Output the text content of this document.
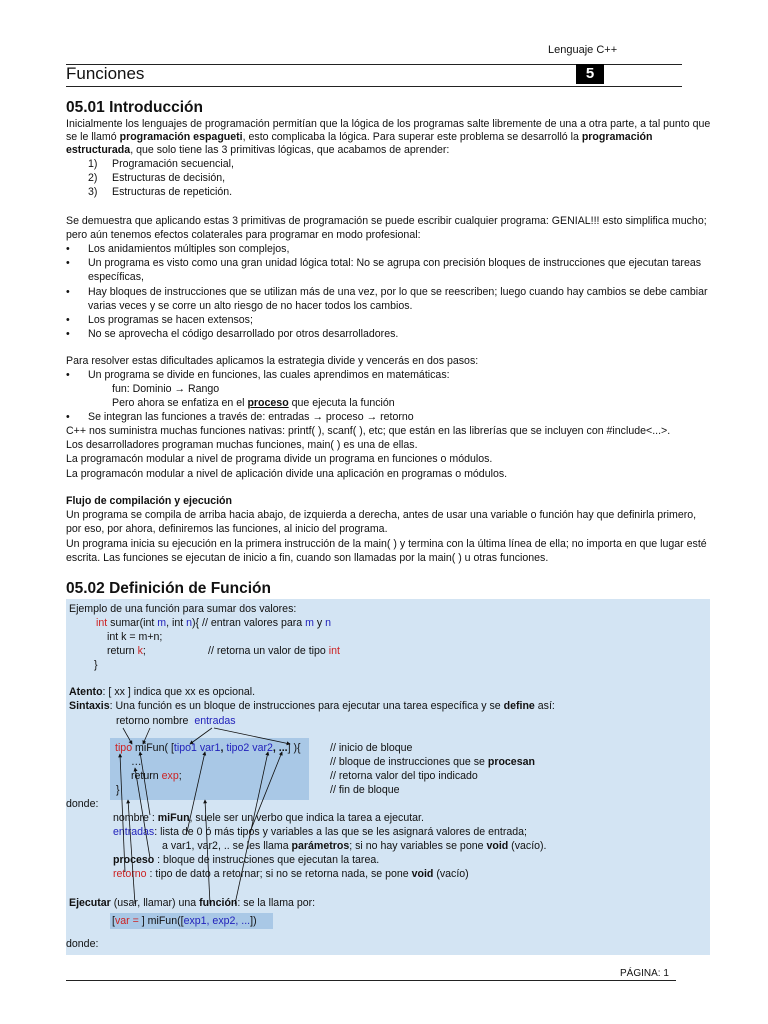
Lenguaje C++
Funciones	5
05.01 Introducción
Inicialmente los lenguajes de programación permitían que la lógica de los programas salte libremente de una a otra parte, a tal punto que
se le llamó programación espagueti, esto complicaba la lógica. Para superar este problema se desarrolló la programación
estructurada, que solo tiene las 3 primitivas lógicas, que acabamos de aprender:
1) Programación secuencial,
2) Estructuras de decisión,
3) Estructuras de repetición.
Se demuestra que aplicando estas 3 primitivas de programación se puede escribir cualquier programa: GENIAL!!! esto simplifica mucho;
pero aún tenemos efectos colaterales para programar en modo profesional:
• Los anidamientos múltiples son complejos,
• Un programa es visto como una gran unidad lógica total: No se agrupa con precisión bloques de instrucciones que ejecutan tareas
específicas,
• Hay bloques de instrucciones que se utilizan más de una vez, por lo que se reescriben; luego cuando hay cambios se debe cambiar
varias veces y se corre un alto riesgo de no hacer todos los cambios.
• Los programas se hacen extensos;
• No se aprovecha el código desarrollado por otros desarrolladores.
Para resolver estas dificultades aplicamos la estrategia divide y vencerás en dos pasos:
• Un programa se divide en funciones, las cuales aprendimos en matemáticas:
fun: Dominio → Rango
Pero ahora se enfatiza en el proceso que ejecuta la función
• Se integran las funciones a través de: entradas → proceso → retorno
C++ nos suministra muchas funciones nativas: printf( ), scanf( ), etc; que están en las librerías que se incluyen con #include<...>.
Los desarrolladores programan muchas funciones, main( ) es una de ellas.
La programacón modular a nivel de programa divide un programa en funciones o módulos.
La programacón modular a nivel de aplicación divide una aplicación en programas o módulos.
Flujo de compilación y ejecución
Un programa se compila de arriba hacia abajo, de izquierda a derecha, antes de usar una variable o función hay que definirla primero,
por eso, por ahora, definiremos las funciones, al inicio del programa.
Un programa inicia su ejecución en la primera instrucción de la main( ) y termina con la última línea de ella; no importa en que lugar esté
escrita. Las funciones se ejecutan de inicio a fin, cuando son llamadas por la main( ) u otras funciones.
05.02 Definición de Función
Ejemplo de una función para sumar dos valores:
int sumar(int m, int n){ // entran valores para m y n
int k = m+n;
return k;	// retorna un valor de tipo int
}
Atento: [ xx ] indica que xx es opcional.
Sintaxis: Una función es un bloque de instrucciones para ejecutar una tarea específica y se define así:
retorno nombre entradas
tipo miFun( [tipo1 var1, tipo2 var2, ...] ){	// inicio de bloque
…	// bloque de instrucciones que se procesan
return exp;	// retorna valor del tipo indicado
}	// fin de bloque
donde:
nombre : miFun, suele ser un verbo que indica la tarea a ejecutar.
entradas: lista de 0 ó más tipos y variables a las que se les asignará valores de entrada;
a var1, var2, .. se les llama parámetros; si no hay variables se pone void (vacío).
proceso : bloque de instrucciones que ejecutan la tarea.
retorno : tipo de dato a retornar; si no se retorna nada, se pone void (vacío)
Ejecutar (usar, llamar) una función: se la llama por:
[var = ] miFun([exp1, exp2, ...])
donde:
PÁGINA: 1
